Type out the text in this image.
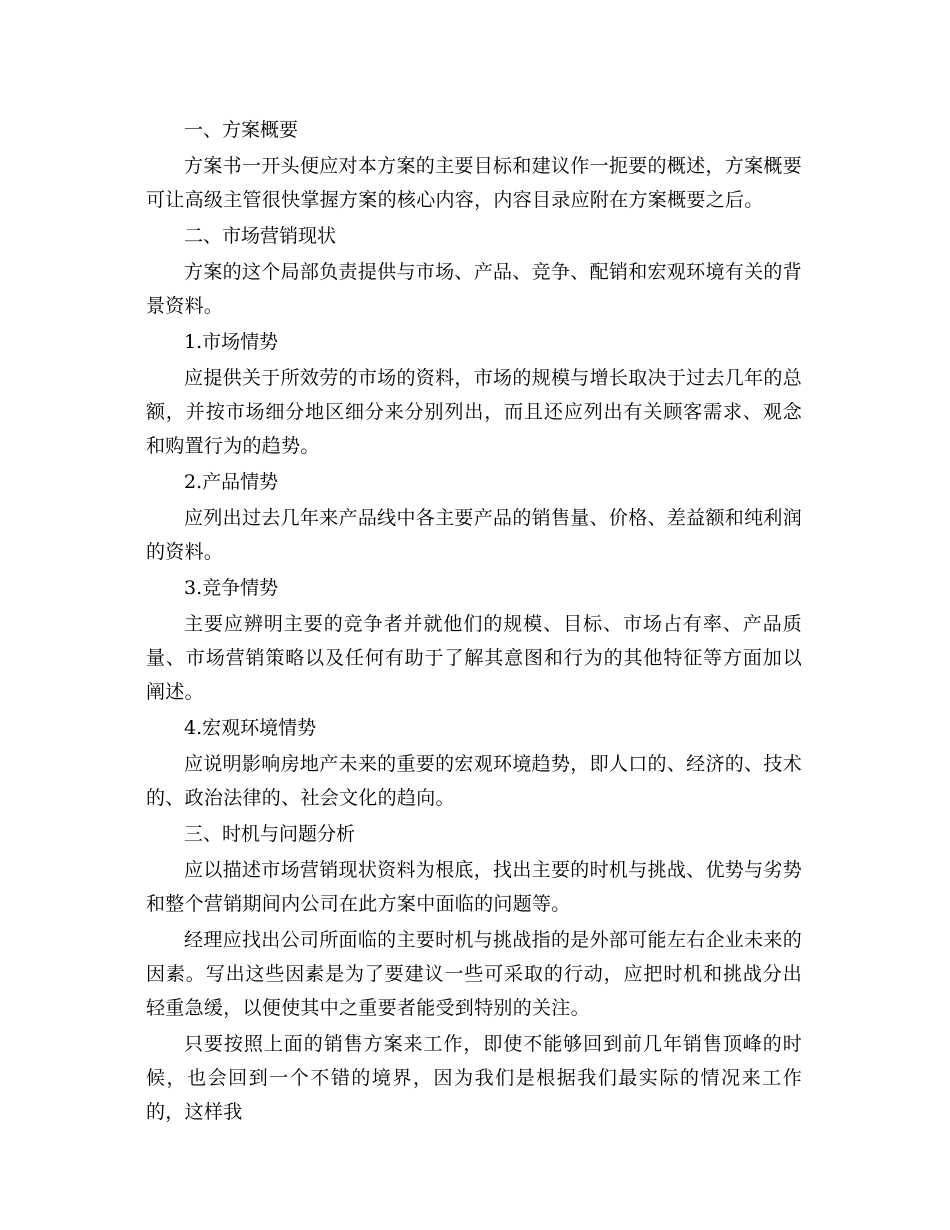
一、方案概要

方案书一开头便应对本方案的主要目标和建议作一扼要的概述，方案概要可让高级主管很快掌握方案的核心内容，内容目录应附在方案概要之后。

二、市场营销现状

方案的这个局部负责提供与市场、产品、竞争、配销和宏观环境有关的背景资料。

1.市场情势

应提供关于所效劳的市场的资料，市场的规模与增长取决于过去几年的总额，并按市场细分地区细分来分别列出，而且还应列出有关顾客需求、观念和购置行为的趋势。

2.产品情势

应列出过去几年来产品线中各主要产品的销售量、价格、差益额和纯利润的资料。

3.竞争情势

主要应辨明主要的竞争者并就他们的规模、目标、市场占有率、产品质量、市场营销策略以及任何有助于了解其意图和行为的其他特征等方面加以阐述。

4.宏观环境情势

应说明影响房地产未来的重要的宏观环境趋势，即人口的、经济的、技术的、政治法律的、社会文化的趋向。

三、时机与问题分析

应以描述市场营销现状资料为根底，找出主要的时机与挑战、优势与劣势和整个营销期间内公司在此方案中面临的问题等。

经理应找出公司所面临的主要时机与挑战指的是外部可能左右企业未来的因素。写出这些因素是为了要建议一些可采取的行动，应把时机和挑战分出轻重急缓，以便使其中之重要者能受到特别的关注。

只要按照上面的销售方案来工作，即使不能够回到前几年销售顶峰的时候，也会回到一个不错的境界，因为我们是根据我们最实际的情况来工作的，这样我
